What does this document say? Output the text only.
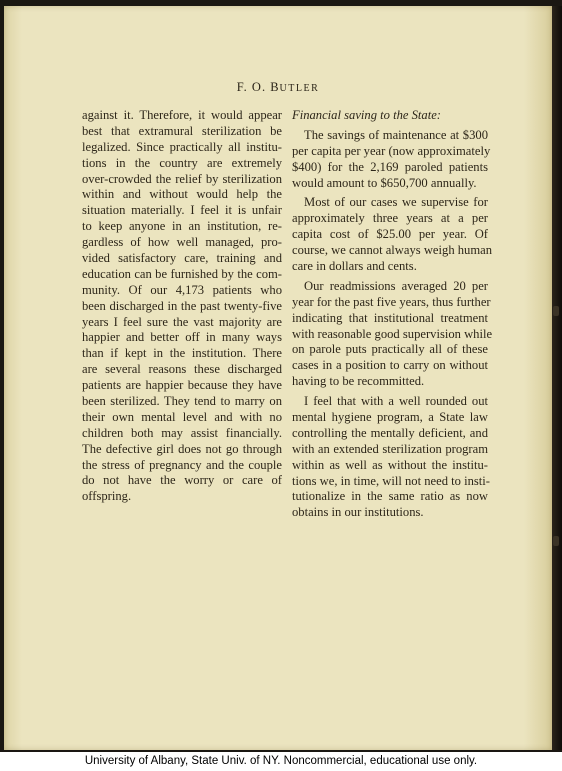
F. O. BUTLER
against it. Therefore, it would appear
best that extramural sterilization be
legalized. Since practically all institu-
tions in the country are extremely
over-crowded the relief by sterilization
within and without would help the
situation materially. I feel it is unfair
to keep anyone in an institution, re-
gardless of how well managed, pro-
vided satisfactory care, training and
education can be furnished by the com-
munity. Of our 4,173 patients who
been discharged in the past twenty-five
years I feel sure the vast majority are
happier and better off in many ways
than if kept in the institution. There
are several reasons these discharged
patients are happier because they have
been sterilized. They tend to marry on
their own mental level and with no
children both may assist financially.
The defective girl does not go through
the stress of pregnancy and the couple
do not have the worry or care of
offspring.
Financial saving to the State:
The savings of maintenance at $300
per capita per year (now approximately
$400) for the 2,169 paroled patients
would amount to $650,700 annually.
Most of our cases we supervise for
approximately three years at a per
capita cost of $25.00 per year. Of
course, we cannot always weigh human
care in dollars and cents.
Our readmissions averaged 20 per
year for the past five years, thus further
indicating that institutional treatment
with reasonable good supervision while
on parole puts practically all of these
cases in a position to carry on without
having to be recommitted.
I feel that with a well rounded out
mental hygiene program, a State law
controlling the mentally deficient, and
with an extended sterilization program
within as well as without the institu-
tions we, in time, will not need to insti-
tutionalize in the same ratio as now
obtains in our institutions.
University of Albany, State Univ. of NY. Noncommercial, educational use only.
